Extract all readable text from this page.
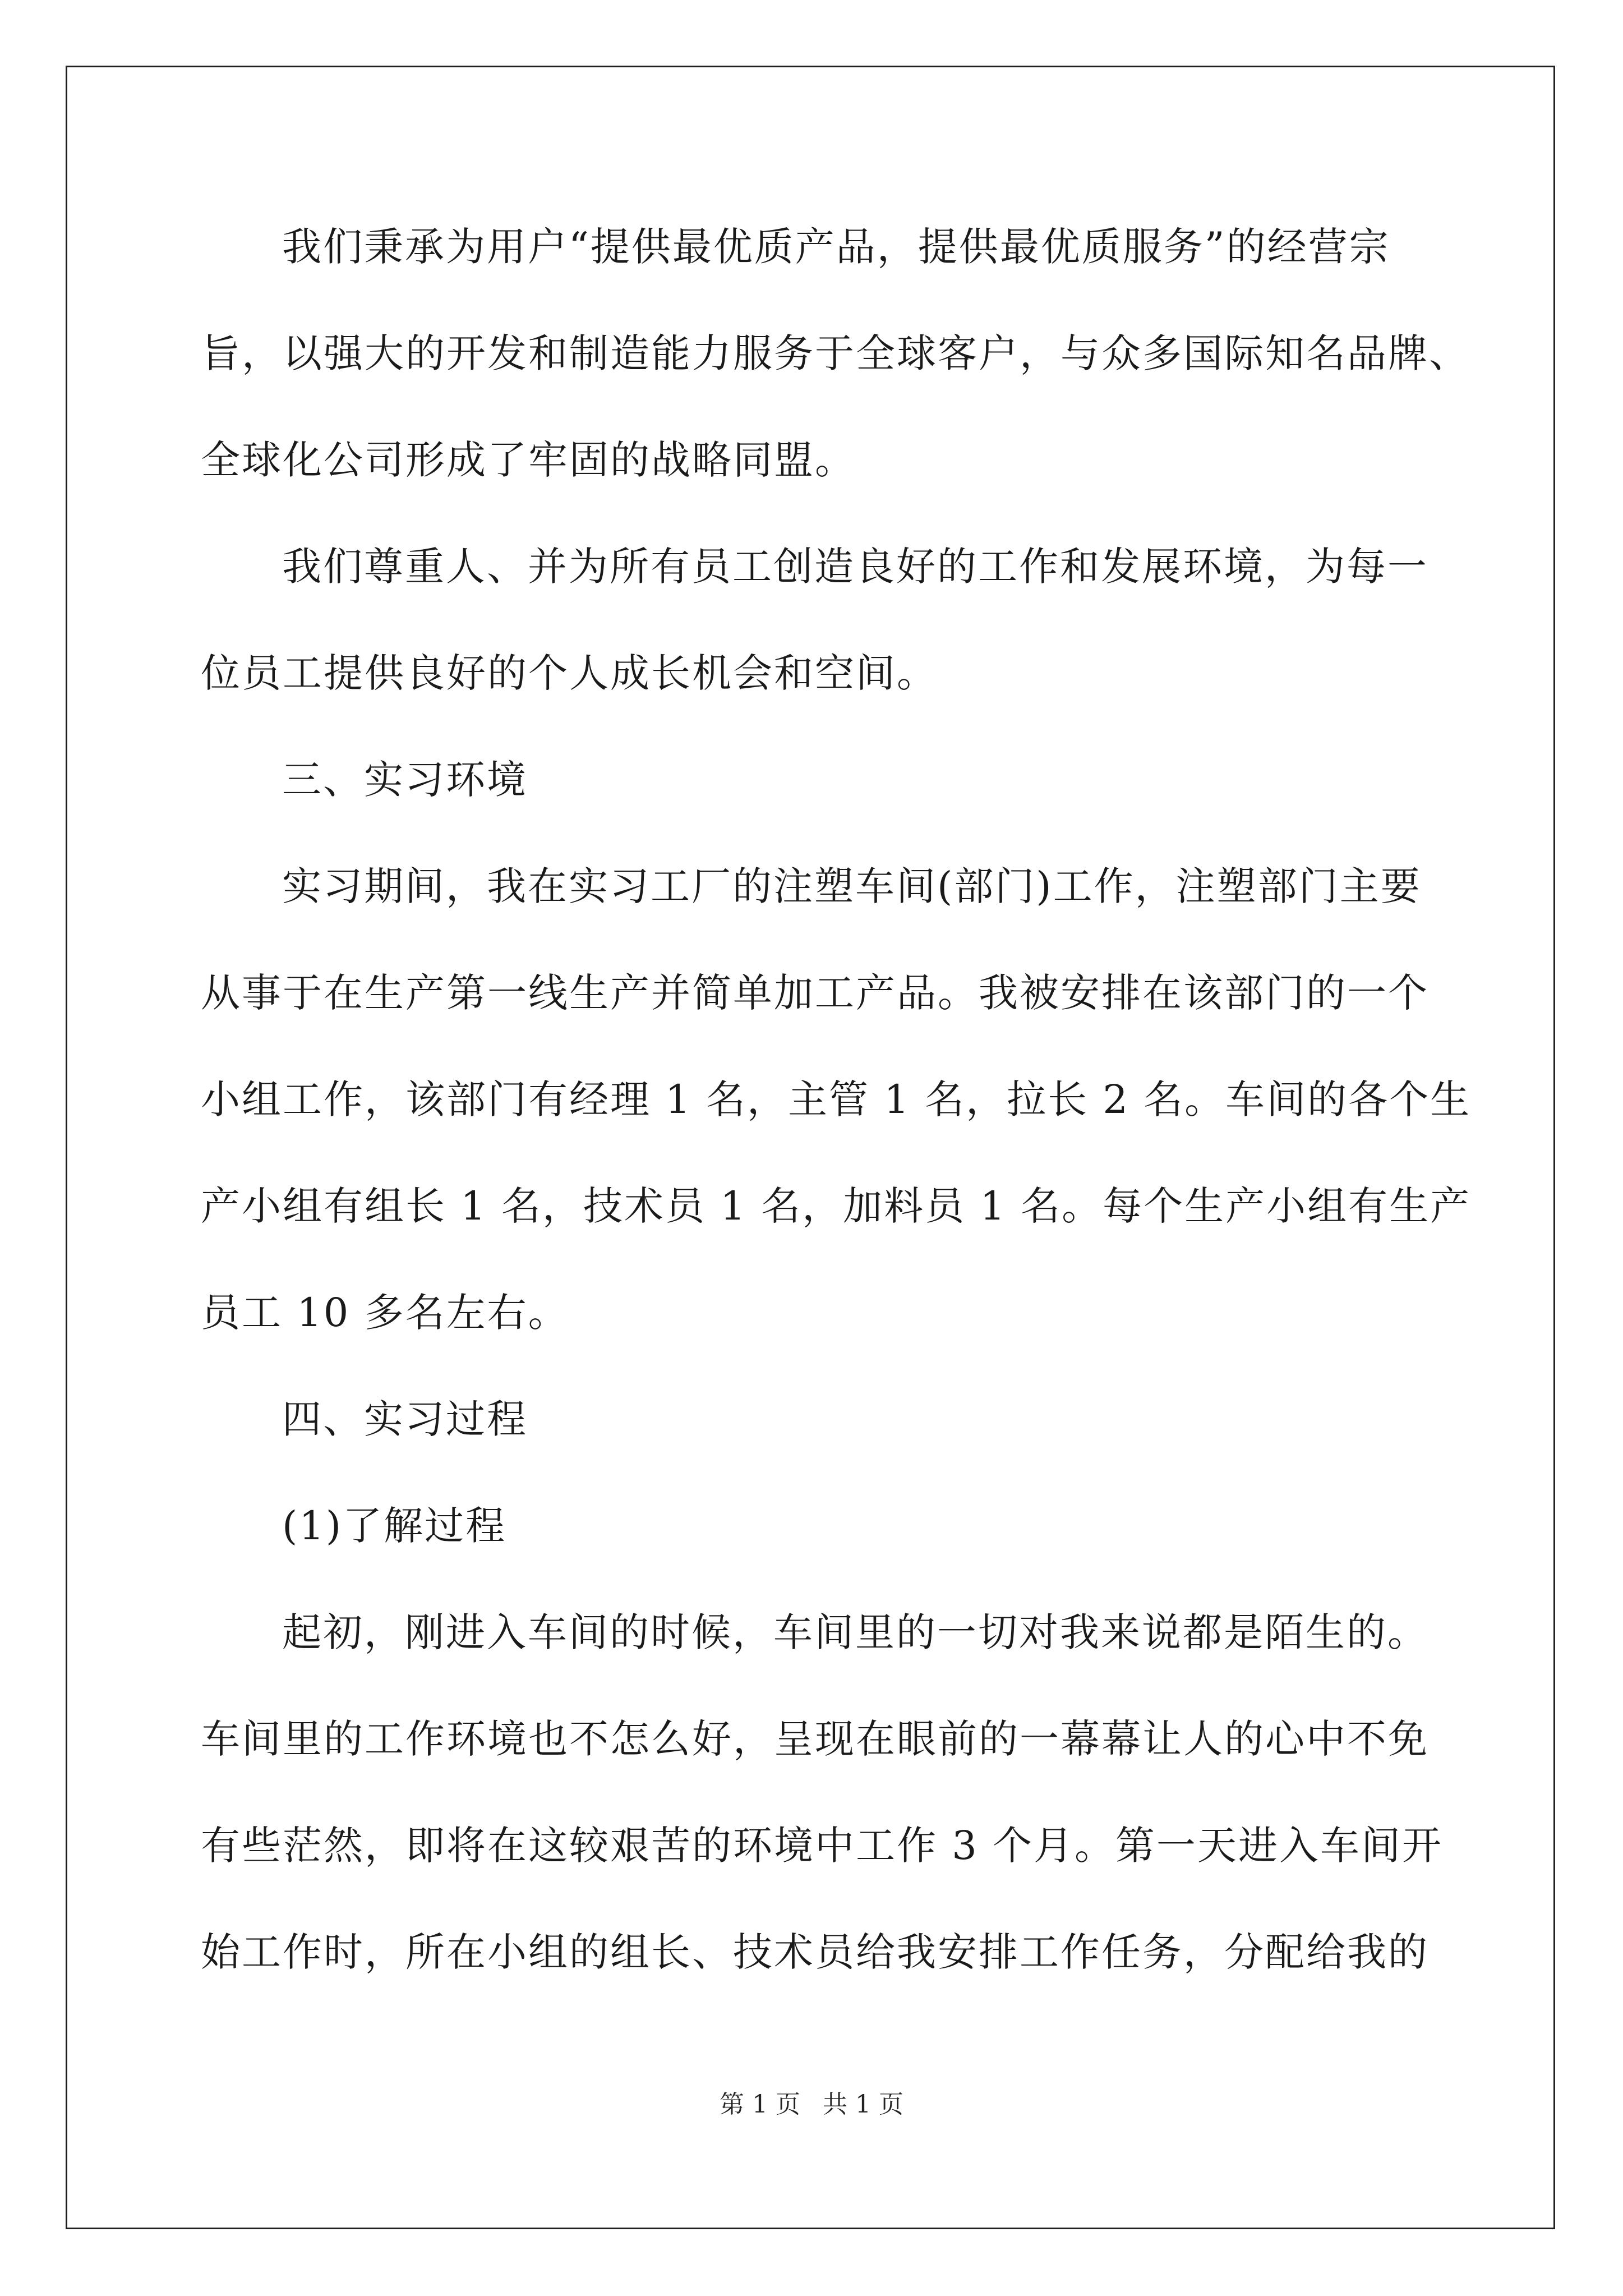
我们秉承为用户“提供最优质产品，提供最优质服务”的经营宗
旨，以强大的开发和制造能力服务于全球客户，与众多国际知名品牌、
全球化公司形成了牢固的战略同盟。
我们尊重人、并为所有员工创造良好的工作和发展环境，为每一
位员工提供良好的个人成长机会和空间。
三、实习环境
实习期间，我在实习工厂的注塑车间(部门)工作，注塑部门主要
从事于在生产第一线生产并简单加工产品。我被安排在该部门的一个
小组工作，该部门有经理 1 名，主管 1 名，拉长 2 名。车间的各个生
产小组有组长 1 名，技术员 1 名，加料员 1 名。每个生产小组有生产
员工 10 多名左右。
四、实习过程
(1)了解过程
起初，刚进入车间的时候，车间里的一切对我来说都是陌生的。
车间里的工作环境也不怎么好，呈现在眼前的一幕幕让人的心中不免
有些茫然，即将在这较艰苦的环境中工作 3 个月。第一天进入车间开
始工作时，所在小组的组长、技术员给我安排工作任务，分配给我的
第 1 页 共 1 页
